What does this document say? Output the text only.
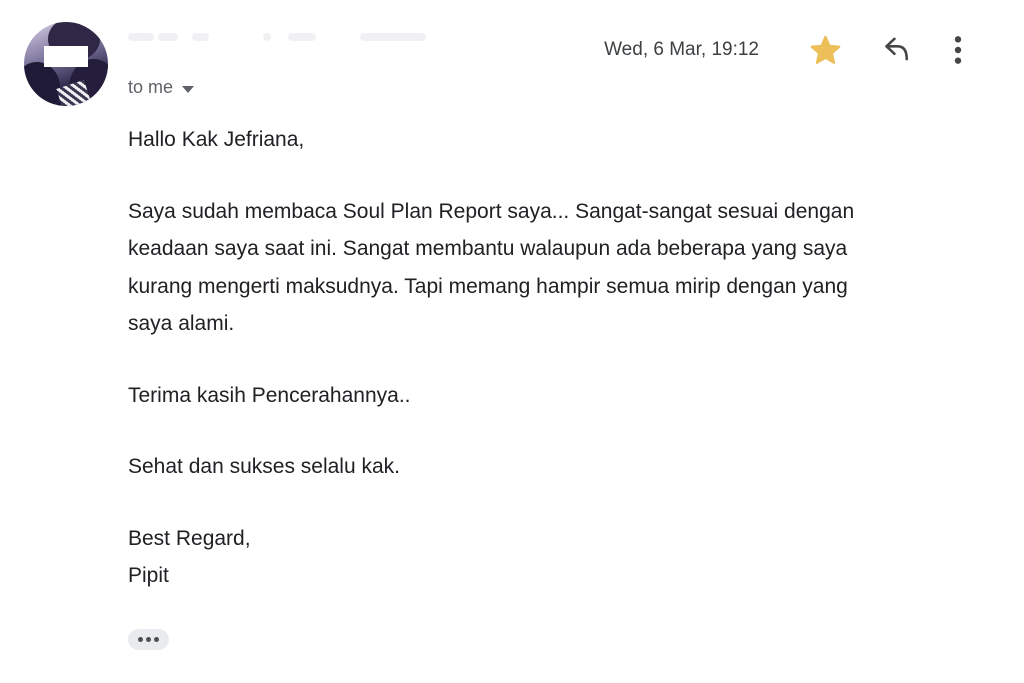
to me
Wed, 6 Mar, 19:12

Hallo Kak Jefriana,

Saya sudah membaca Soul Plan Report saya... Sangat-sangat sesuai dengan
keadaan saya saat ini. Sangat membantu walaupun ada beberapa yang saya
kurang mengerti maksudnya. Tapi memang hampir semua mirip dengan yang
saya alami.

Terima kasih Pencerahannya..

Sehat dan sukses selalu kak.

Best Regard,
Pipit
